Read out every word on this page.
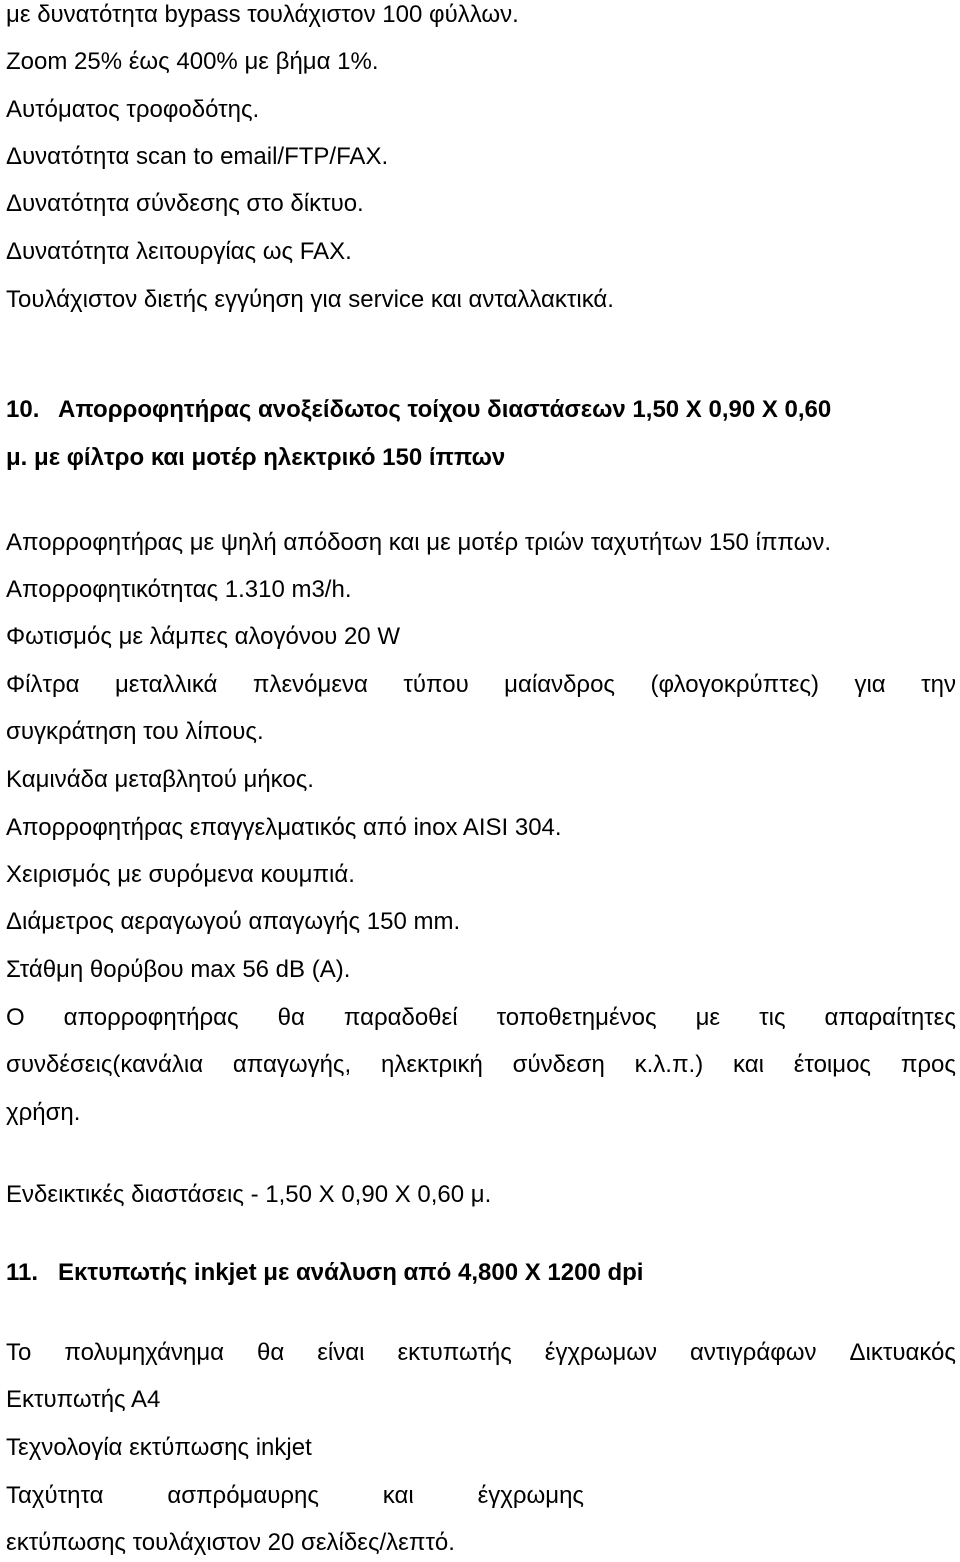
με δυνατότητα bypass τουλάχιστον 100 φύλλων.
Zoom 25% έως 400% με βήμα 1%.
Αυτόματος τροφοδότης.
Δυνατότητα scan to email/FTP/FAX.
Δυνατότητα σύνδεσης στο δίκτυο.
Δυνατότητα λειτουργίας ως FAX.
Τουλάχιστον διετής εγγύηση για service και ανταλλακτικά.
10. Απορροφητήρας ανοξείδωτος τοίχου διαστάσεων 1,50 Χ 0,90 Χ 0,60
μ. με φίλτρο και μοτέρ ηλεκτρικό 150 ίππων
Απορροφητήρας με ψηλή απόδοση και με μοτέρ τριών ταχυτήτων 150 ίππων.
Απορροφητικότητας 1.310 m3/h.
Φωτισμός με λάμπες αλογόνου 20 W
Φίλτρα μεταλλικά πλενόμενα τύπου μαίανδρος (φλογοκρύπτες) για την
συγκράτηση του λίπους.
Καμινάδα μεταβλητού μήκος.
Απορροφητήρας επαγγελματικός από inox AISI 304.
Χειρισμός με συρόμενα κουμπιά.
Διάμετρος αεραγωγού απαγωγής 150 mm.
Στάθμη θορύβου max 56 dB (A).
Ο απορροφητήρας θα παραδοθεί τοποθετημένος με τις απαραίτητες
συνδέσεις(κανάλια απαγωγής, ηλεκτρική σύνδεση κ.λ.π.) και έτοιμος προς
χρήση.
Ενδεικτικές διαστάσεις - 1,50 Χ 0,90 Χ 0,60 μ.
11. Εκτυπωτής inkjet με ανάλυση από 4,800 Χ 1200 dpi
Το πολυμηχάνημα θα είναι εκτυπωτής έγχρωμων αντιγράφων Δικτυακός
Εκτυπωτής Α4
Τεχνολογία εκτύπωσης inkjet
Ταχύτητα	ασπρόμαυρης	και	έγχρωμης
εκτύπωσης τουλάχιστον 20 σελίδες/λεπτό.
